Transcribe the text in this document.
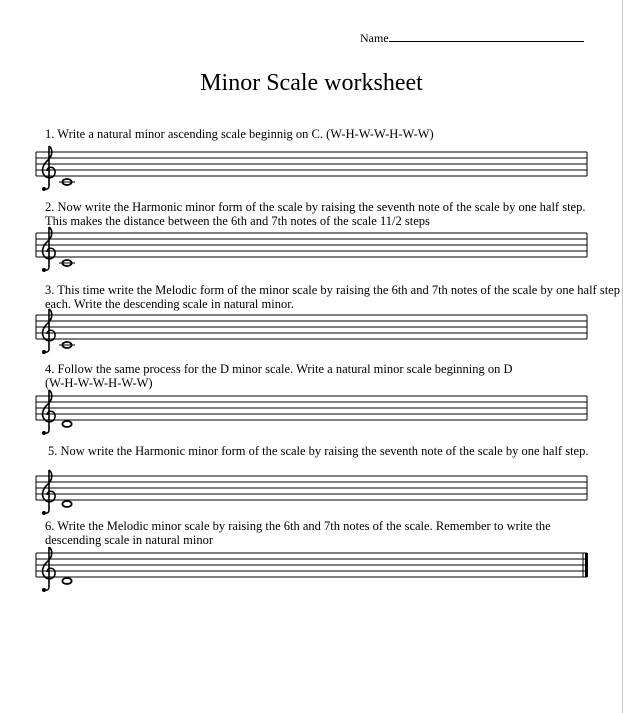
Name
Minor Scale worksheet
1. Write a natural minor ascending scale beginnig on C. (W-H-W-W-H-W-W)
2. Now write the Harmonic minor form of the scale by raising the seventh note of the scale by one half step.
This makes the distance between the 6th and 7th notes of the scale 11/2 steps
3. This time write the Melodic form of the minor scale by raising the 6th and 7th notes of the scale by one half step
each. Write the descending scale in natural minor.
4. Follow the same process for the D minor scale. Write a natural minor scale beginning on D
(W-H-W-W-H-W-W)
5. Now write the Harmonic minor form of the scale by raising the seventh note of the scale by one half step.
6. Write the Melodic minor scale by raising the 6th and 7th notes of the scale. Remember to write the
descending scale in natural minor
